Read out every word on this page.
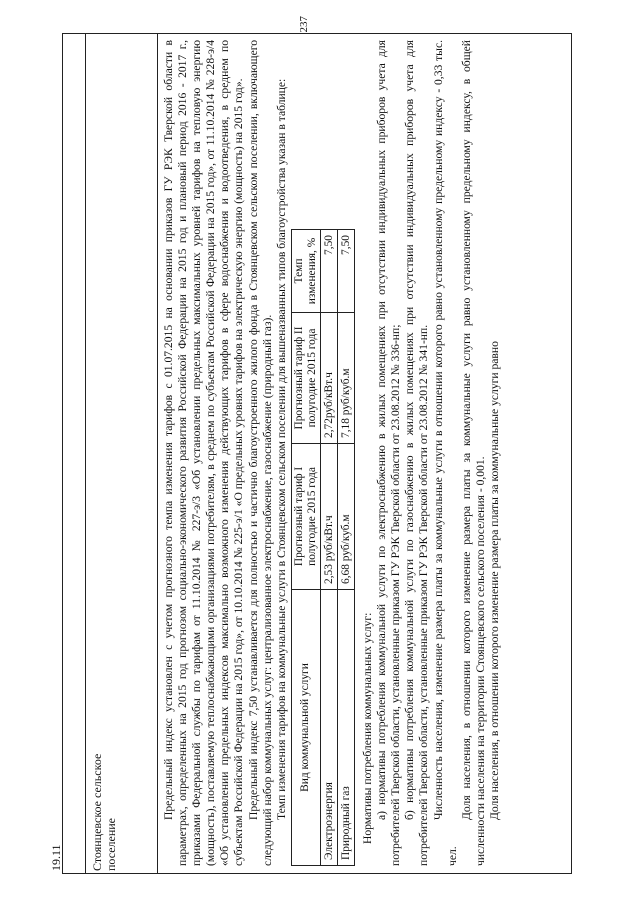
237

Предельный индекс установлен с учетом прогнозного темпа изменения тарифов с 01.07.2015 на основании приказов ГУ РЭК Тверской области в параметрах, определенных на 2015 год прогнозом социально-экономического развития Российской Федерации на 2015 год и плановый период 2016 - 2017 г., приказами Федеральной службы по тарифам от 11.10.2014 № 227-э/3 «Об установлении предельных максимальных уровней тарифов на тепловую энергию (мощность), поставляемую теплоснабжающими организациями потребителям, в среднем по субъектам Российской Федерации на 2015 год», от 11.10.2014 № 228-э/4 «Об установлении предельных индексов максимально возможного изменения действующих тарифов в сфере водоснабжения и водоотведения, в среднем по субъектам Российской Федерации на 2015 год», от 10.10.2014 № 225-э/1 «О предельных уровнях тарифов на электрическую энергию (мощность) на 2015 год». Предельный индекс 7,50 устанавливается для полностью и частично благоустроенного жилого фонда в Стоянцевском сельском поселении, включающего следующий набор коммунальных услуг: централизованное электроснабжение, газоснабжение (природный газ). Темп изменения тарифов на коммунальные услуги в Стоянцевском сельском поселении для вышеназванных типов благоустройства указан в таблице: Вид коммунальной услуги	Прогнозный тариф I полугодие 2015 года	Прогнозный тариф II полугодие 2015 года	Темп изменения, %
Электроэнергия	2,53 руб/кВт.ч	2,72руб/кВт.ч	7,50
Природный газ	6,68 руб/куб.м	7,18 руб/куб.м	7,50

Нормативы потребления коммунальных услуг: а) нормативы потребления коммунальной услуги по электроснабжению в жилых помещениях при отсутствии индивидуальных приборов учета для потребителей Тверской области, установленные приказом ГУ РЭК Тверской области от 23.08.2012 № 336-нп; б) нормативы потребления коммунальной услуги по газоснабжению в жилых помещениях при отсутствии индивидуальных приборов учета для потребителей Тверской области, установленные приказом ГУ РЭК Тверской области от 23.08.2012 № 341-нп. Численность населения, изменение размера платы за коммунальные услуги в отношении которого равно установленному предельному индексу - 0,33 тыс. чел.

Доля населения, в отношении которого изменение размера платы за коммунальные услуги равно установленному предельному индексу, в общей численности населения на территории Стоянцевского сельского поселения - 0,001. Доля населения, в отношении которого изменение размера платы за коммунальные услуги равно

19.11 Стоянцевское сельское поселение
